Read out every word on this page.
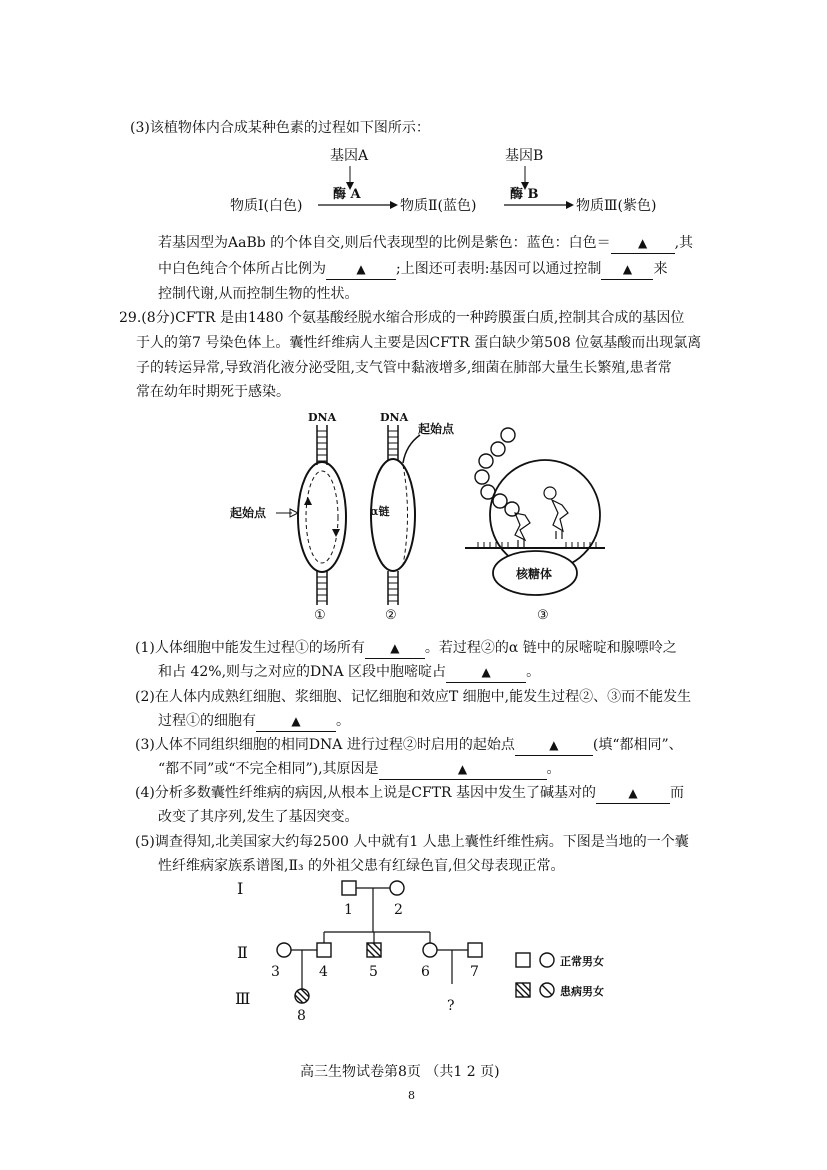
(3)该植物体内合成某种色素的过程如下图所示：
基因A	基因B
酶 A	酶 B
物质Ⅰ(白色)	物质Ⅱ(蓝色)	物质Ⅲ(紫色)
若基因型为AaBb 的个体自交,则后代表现型的比例是紫色：蓝色：白色＝ ▲ ,其
中白色纯合个体所占比例为	▲ ;上图还可表明:基因可以通过控制 ▲ 来
控制代谢,从而控制生物的性状。
29.(8分)CFTR 是由1480 个氨基酸经脱水缩合形成的一种跨膜蛋白质,控制其合成的基因位
于人的第7 号染色体上。囊性纤维病人主要是因CFTR 蛋白缺少第508 位氨基酸而出现氯离
子的转运异常,导致消化液分泌受阻,支气管中黏液增多,细菌在肺部大量生长繁殖,患者常
常在幼年时期死于感染。
DNA
起始点
①
DNA
α链
起始点
②
核糖体
③
(1)人体细胞中能发生过程①的场所有 ▲ 。若过程②的α 链中的尿嘧啶和腺嘌呤之
和占 42%,则与之对应的DNA 区段中胞嘧啶占	▲	。
(2)在人体内成熟红细胞、浆细胞、记忆细胞和效应T 细胞中,能发生过程②、③而不能发生
过程①的细胞有	▲	。
(3)人体不同组织细胞的相同DNA 进行过程②时启用的起始点	▲ (填“都相同”、
“都不同”或“不完全相同”),其原因是	▲	。
(4)分析多数囊性纤维病的病因,从根本上说是CFTR 基因中发生了碱基对的	▲ 而
改变了其序列,发生了基因突变。
(5)调查得知,北美国家大约每2500 人中就有1 人患上囊性纤维性病。下图是当地的一个囊
性纤维病家族系谱图,Ⅱ₃ 的外祖父患有红绿色盲,但父母表现正常。
Ⅰ
Ⅱ
Ⅲ
1	2
3	4	5	6	7
8
?
正常男女
患病男女
高三生物试卷第8页 （共1 2 页)
8
